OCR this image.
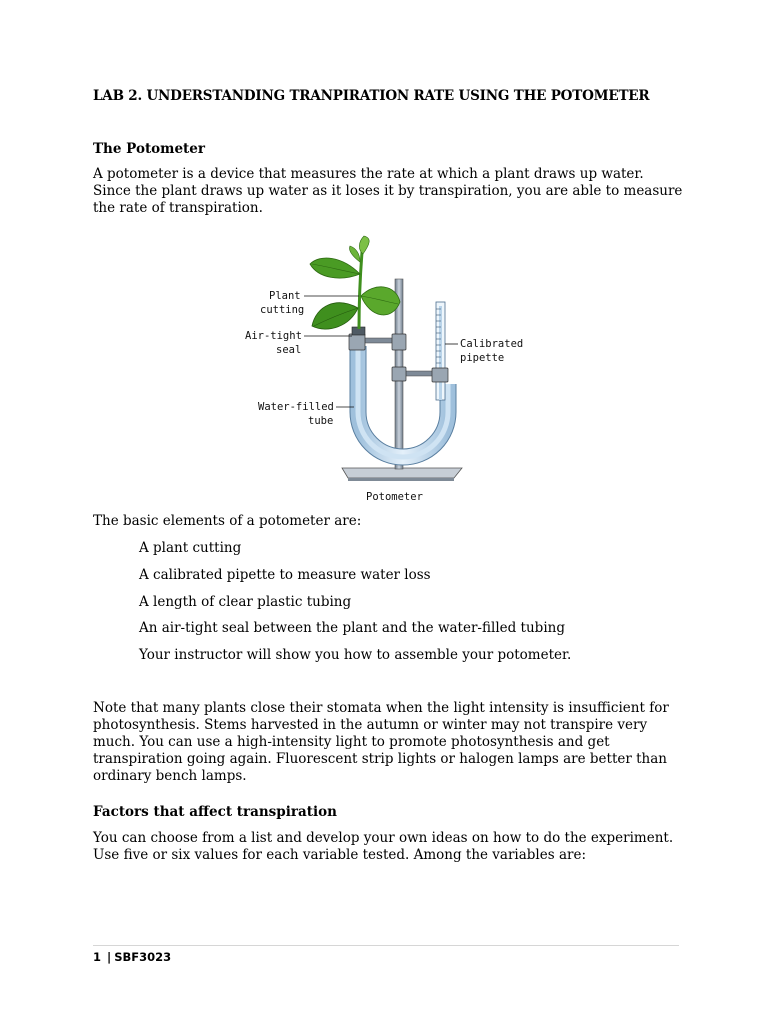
LAB 2. UNDERSTANDING TRANPIRATION RATE USING THE POTOMETER
The Potometer
A potometer is a device that measures the rate at which a plant draws up water. Since the plant draws up water as it loses it by transpiration, you are able to measure the rate of transpiration.
Plant
cutting
Air-tight
seal
Water-filled
tube
Calibrated
pipette
Potometer
The basic elements of a potometer are:
A plant cutting
A calibrated pipette to measure water loss
A length of clear plastic tubing
An air-tight seal between the plant and the water-filled tubing
Your instructor will show you how to assemble your potometer.
Note that many plants close their stomata when the light intensity is insufficient for photosynthesis. Stems harvested in the autumn or winter may not transpire very much. You can use a high-intensity light to promote photosynthesis and get transpiration going again. Fluorescent strip lights or halogen lamps are better than ordinary bench lamps.
Factors that affect transpiration
You can choose from a list and develop your own ideas on how to do the experiment. Use five or six values for each variable tested. Among the variables are:
1 | SBF3023
